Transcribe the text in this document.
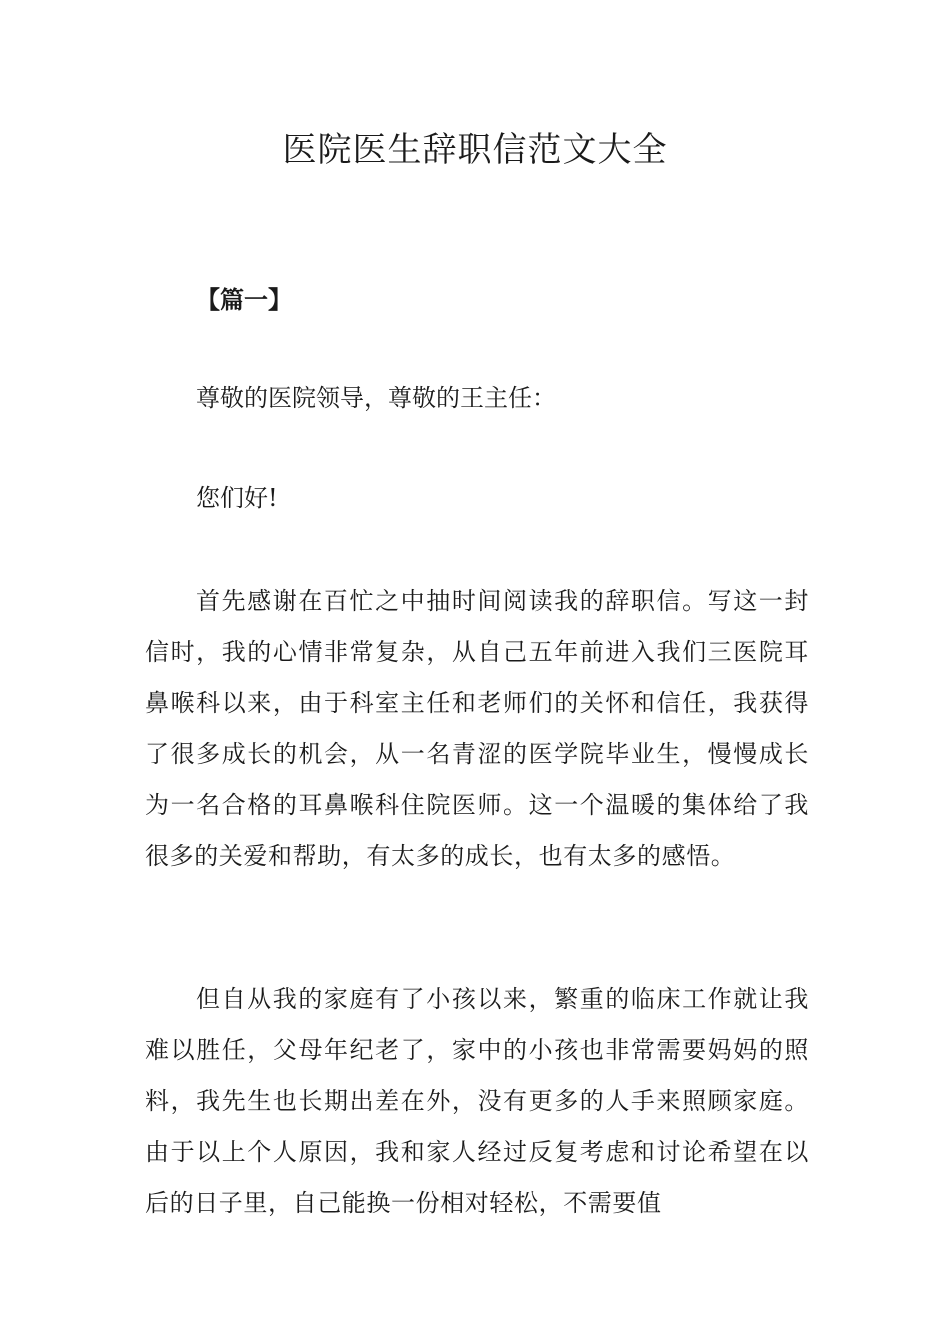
医院医生辞职信范文大全

【篇一】

尊敬的医院领导，尊敬的王主任：

您们好!

首先感谢在百忙之中抽时间阅读我的辞职信。写这一封信时，我的心情非常复杂，从自己五年前进入我们三医院耳鼻喉科以来，由于科室主任和老师们的关怀和信任，我获得了很多成长的机会，从一名青涩的医学院毕业生，慢慢成长为一名合格的耳鼻喉科住院医师。这一个温暖的集体给了我很多的关爱和帮助，有太多的成长，也有太多的感悟。

但自从我的家庭有了小孩以来，繁重的临床工作就让我难以胜任，父母年纪老了，家中的小孩也非常需要妈妈的照料，我先生也长期出差在外，没有更多的人手来照顾家庭。由于以上个人原因，我和家人经过反复考虑和讨论希望在以后的日子里，自己能换一份相对轻松，不需要值
